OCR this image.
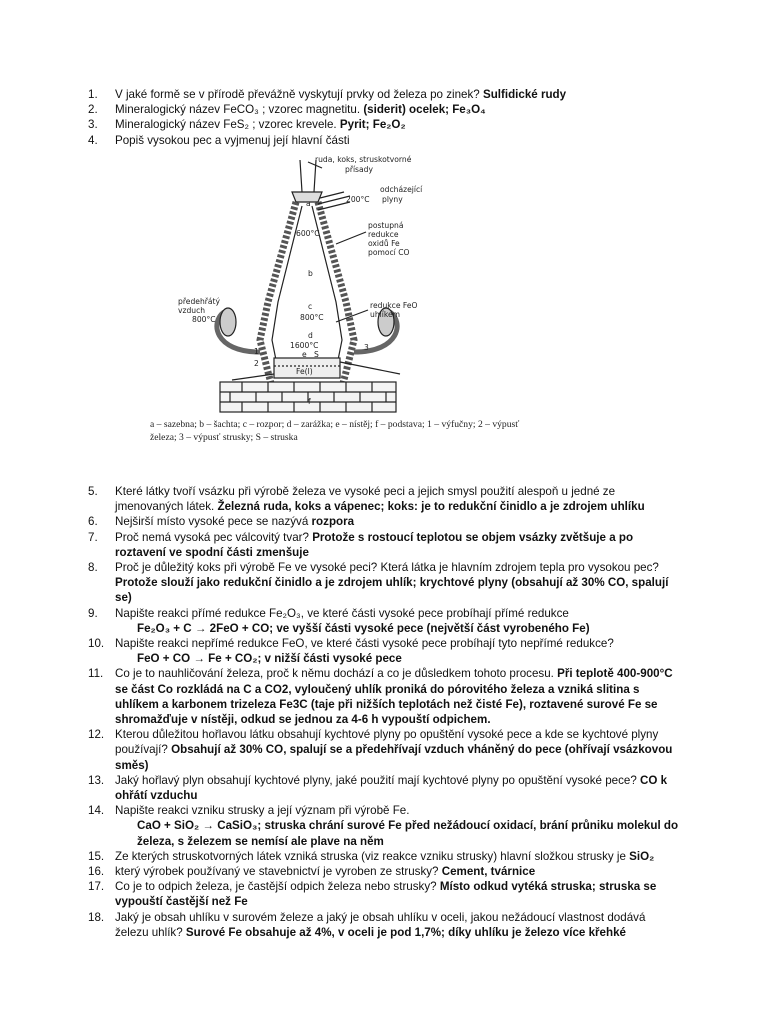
1. V jaké formě se v přírodě převážně vyskytují prvky od železa po zinek? Sulfidické rudy
2. Mineralogický název FeCO₃ ; vzorec magnetitu. (siderit) ocelek; Fe₃O₄
3. Mineralogický název FeS₂ ; vzorec krevele. Pyrit; Fe₂O₂
4. Popiš vysokou pec a vyjmenuj její hlavní části
ruda, koks, struskotvorné
přísady
odcházející
plyny
200°C
a
600°C
postupná
redukce
oxidů Fe
pomocí CO
b
předehřátý
vzduch
800°C
c
800°C
redukce FeO
uhlíkem
d
1600°C
e S
Fe(l)
1
2
3
f
a – sazebna; b – šachta; c – rozpor; d – zarážka; e – nístěj; f – podstava; 1 – výfučny; 2 – výpusť
železa; 3 – výpusť strusky; S – struska
5. Které látky tvoří vsázku při výrobě železa ve vysoké peci a jejich smysl použití alespoň u jedné ze jmenovaných látek. Železná ruda, koks a vápenec; koks: je to redukční činidlo a je zdrojem uhlíku
6. Nejširší místo vysoké pece se nazývá rozpora
7. Proč nemá vysoká pec válcovitý tvar? Protože s rostoucí teplotou se objem vsázky zvětšuje a po roztavení ve spodní části zmenšuje
8. Proč je důležitý koks při výrobě Fe ve vysoké peci? Která látka je hlavním zdrojem tepla pro vysokou pec? Protože slouží jako redukční činidlo a je zdrojem uhlík; krychtové plyny (obsahují až 30% CO, spalují se)
9. Napište reakci přímé redukce Fe₂O₃, ve které části vysoké pece probíhají přímé redukce
Fe₂O₃ + C → 2FeO + CO; ve vyšší části vysoké pece (největší část vyrobeného Fe)
10. Napište reakci nepřímé redukce FeO, ve které části vysoké pece probíhají tyto nepřímé redukce?
FeO + CO → Fe + CO₂; v nižší části vysoké pece
11. Co je to nauhličování železa, proč k němu dochází a co je důsledkem tohoto procesu. Při teplotě 400-900°C se část Co rozkládá na C a CO2, vyloučený uhlík proniká do pórovitého železa a vzniká slitina s uhlíkem a karbonem trizeleza Fe3C (taje při nižších teplotách než čisté Fe), roztavené surové Fe se shromažďuje v nístěji, odkud se jednou za 4-6 h vypouští odpichem.
12. Kterou důležitou hořlavou látku obsahují kychtové plyny po opuštění vysoké pece a kde se kychtové plyny používají? Obsahují až 30% CO, spalují se a předehřívají vzduch vháněný do pece (ohřívají vsázkovou směs)
13. Jaký hořlavý plyn obsahují kychtové plyny, jaké použití mají kychtové plyny po opuštění vysoké pece? CO k ohřátí vzduchu
14. Napište reakci vzniku strusky a její význam při výrobě Fe.
CaO + SiO₂ → CaSiO₃; struska chrání surové Fe před nežádoucí oxidací, brání průniku molekul do železa, s železem se nemísí ale plave na něm
15. Ze kterých struskotvorných látek vzniká struska (viz reakce vzniku strusky) hlavní složkou strusky je SiO₂
16. který výrobek používaný ve stavebnictví je vyroben ze strusky? Cement, tvárnice
17. Co je to odpich železa, je častější odpich železa nebo strusky? Místo odkud vytéká struska; struska se vypouští častější než Fe
18. Jaký je obsah uhlíku v surovém železe a jaký je obsah uhlíku v oceli, jakou nežádoucí vlastnost dodává železu uhlík? Surové Fe obsahuje až 4%, v oceli je pod 1,7%; díky uhlíku je železo více křehké
